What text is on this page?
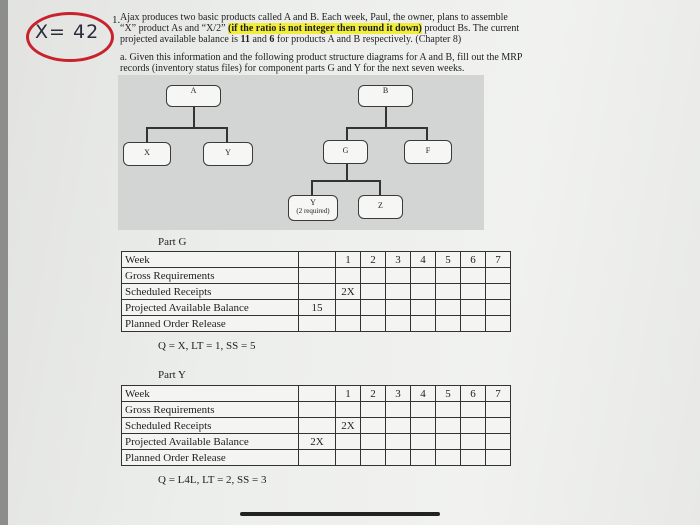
X= 42
1. Ajax produces two basic products called A and B. Each week, Paul, the owner, plans to assemble
“X” product As and “X/2” (if the ratio is not integer then round it down) product Bs. The current
projected available balance is 11 and 6 for products A and B respectively. (Chapter 8)
a. Given this information and the following product structure diagrams for A and B, fill out the MRP
records (inventory status files) for component parts G and Y for the next seven weeks.
A
X	Y
B
G	F
Y
(2 required)
Z
Part G
Week		1	2	3	4	5	6	7
Gross Requirements								
Scheduled Receipts		2X						
Projected Available Balance	15							
Planned Order Release								
Q = X, LT = 1, SS = 5
Part Y
Week		1	2	3	4	5	6	7
Gross Requirements								
Scheduled Receipts		2X						
Projected Available Balance	2X							
Planned Order Release								
Q = L4L, LT = 2, SS = 3
